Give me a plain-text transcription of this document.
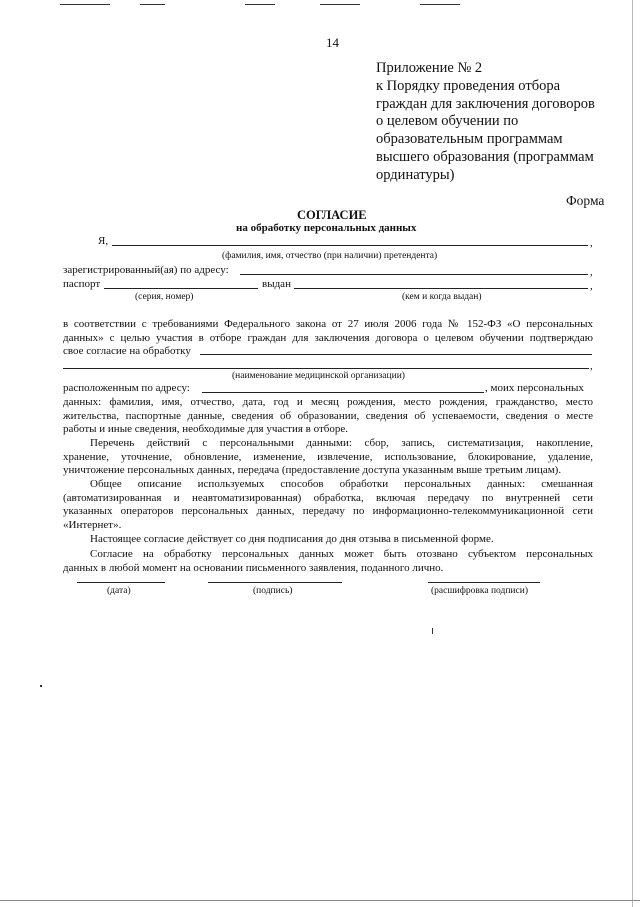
14
Приложение № 2
к Порядку проведения отбора
граждан для заключения договоров
о целевом обучении по
образовательным программам
высшего образования (программам
ординатуры)
Форма
СОГЛАСИЕ
на обработку персональных данных
Я,	,
(фамилия, имя, отчество (при наличии) претендента)
зарегистрированный(ая) по адресу:	,
паспорт	выдан	,
(серия, номер)	(кем и когда выдан)
в соответствии с требованиями Федерального закона от 27 июля 2006 года № 152-ФЗ «О персональных
данных» с целью участия в отборе граждан для заключения договора о целевом обучении подтверждаю
свое согласие на обработку
,
(наименование медицинской организации)
расположенным по адресу:	, моих персональных
данных: фамилия, имя, отчество, дата, год и месяц рождения, место рождения, гражданство, место
жительства, паспортные данные, сведения об образовании, сведения об успеваемости, сведения о месте
работы и иные сведения, необходимые для участия в отборе.
Перечень действий с персональными данными: сбор, запись, систематизация, накопление,
хранение, уточнение, обновление, изменение, извлечение, использование, блокирование, удаление,
уничтожение персональных данных, передача (предоставление доступа указанным выше третьим лицам).
Общее описание используемых способов обработки персональных данных: смешанная
(автоматизированная и неавтоматизированная) обработка, включая передачу по внутренней сети
указанных операторов персональных данных, передачу по информационно-телекоммуникационной сети
«Интернет».
Настоящее согласие действует со дня подписания до дня отзыва в письменной форме.
Согласие на обработку персональных данных может быть отозвано субъектом персональных
данных в любой момент на основании письменного заявления, поданного лично.
(дата)	(подпись)	(расшифровка подписи)
